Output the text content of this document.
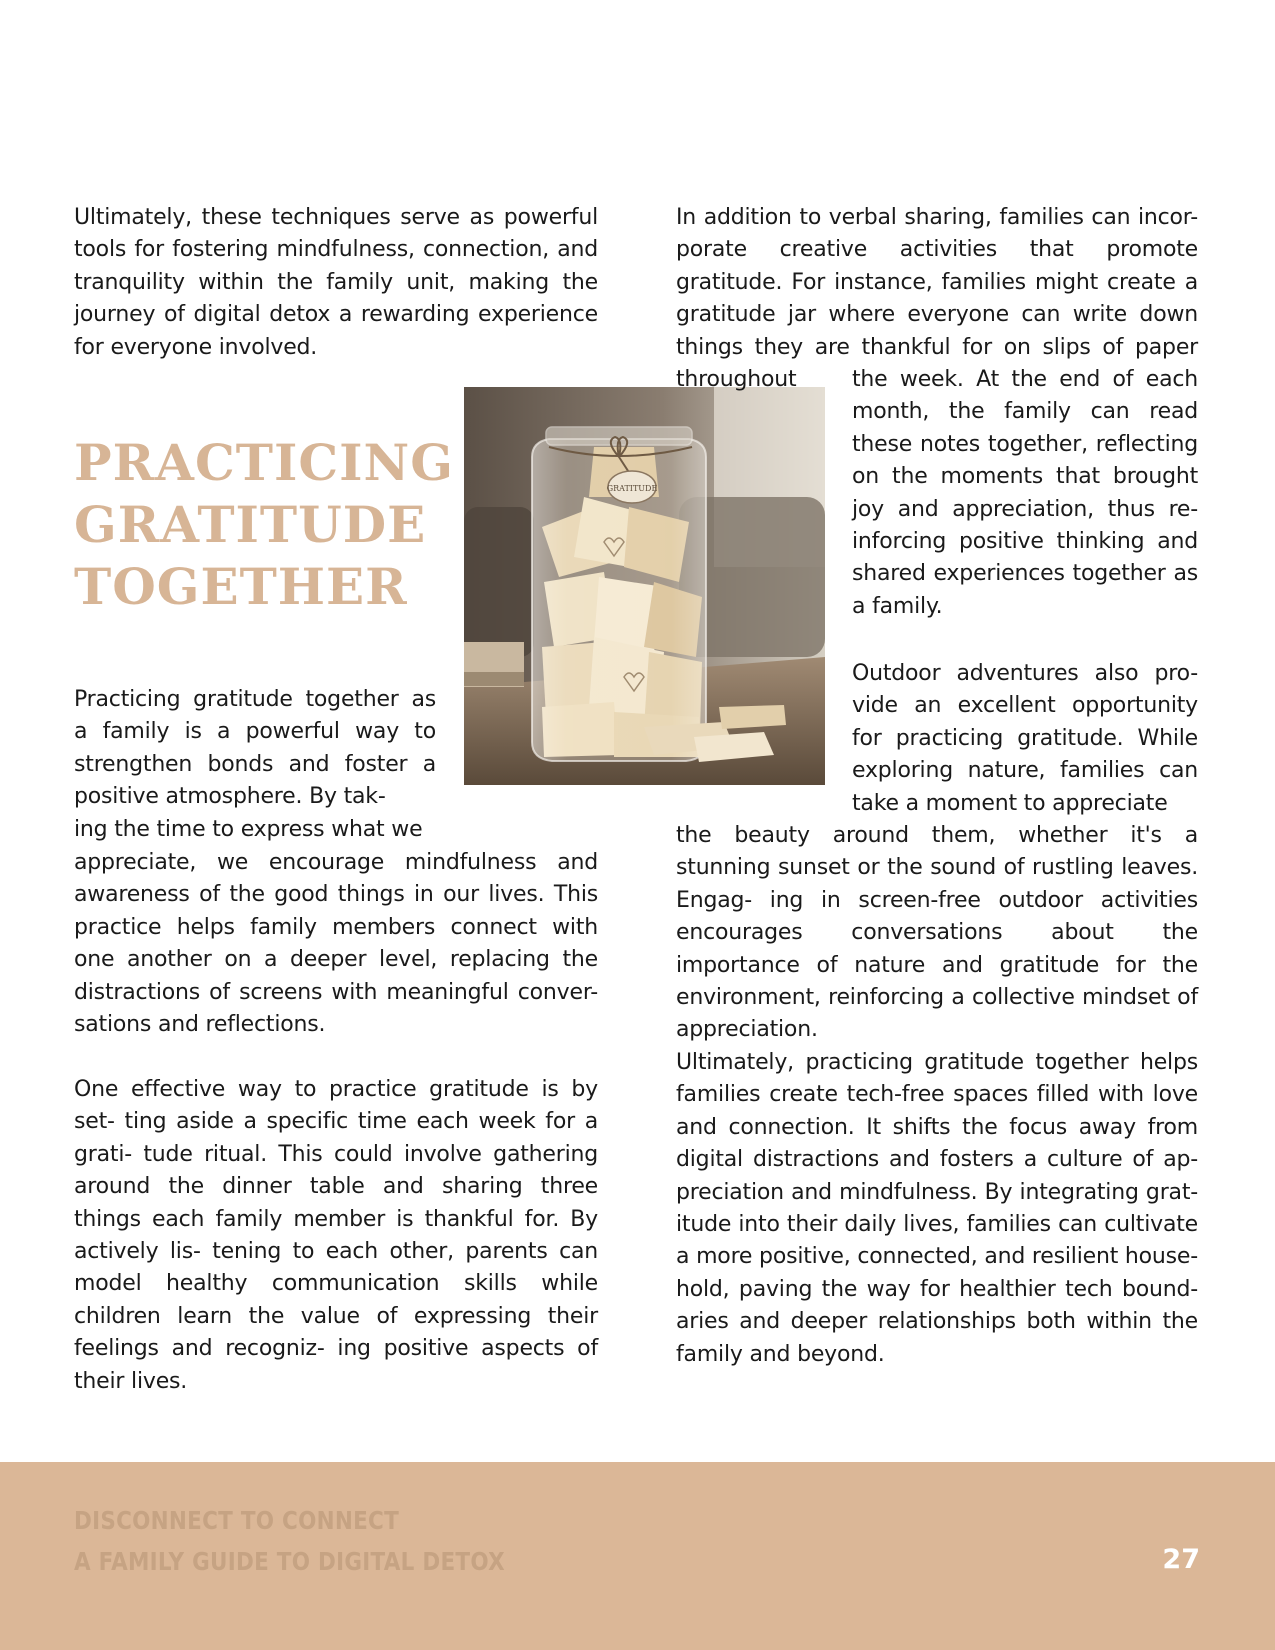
Ultimately, these techniques serve as powerful tools for fostering mindfulness, connection, and tranquility within the family unit, making the journey of digital detox a rewarding experience for everyone involved.

PRACTICING
GRATITUDE
TOGETHER

Practicing gratitude together as a family is a powerful way to strengthen bonds and foster a positive atmosphere. By tak-

ing the time to express what we

appreciate, we encourage mindfulness and awareness of the good things in our lives. This practice helps family members connect with one another on a deeper level, replacing the distractions of screens with meaningful conver- sations and reflections.

One effective way to practice gratitude is by set- ting aside a specific time each week for a grati- tude ritual. This could involve gathering around the dinner table and sharing three things each family member is thankful for. By actively lis- tening to each other, parents can model healthy communication skills while children learn the value of expressing their feelings and recogniz- ing positive aspects of their lives.

GRATITUDE

In addition to verbal sharing, families can incor- porate creative activities that promote gratitude. For instance, families might create a gratitude jar where everyone can write down things they are thankful for on slips of paper throughout	the week. At the end of each month, the family can read these notes together, reflecting on the moments that brought joy and appreciation, thus re- inforcing positive thinking and shared experiences together as a family.

Outdoor adventures also pro- vide an excellent opportunity for practicing gratitude. While exploring nature, families can take a moment to appreciate

the beauty around them, whether it's a stunning sunset or the sound of rustling leaves. Engag- ing in screen-free outdoor activities encourages conversations about the importance of nature and gratitude for the environment, reinforcing a collective mindset of appreciation.

Ultimately, practicing gratitude together helps families create tech-free spaces filled with love and connection. It shifts the focus away from digital distractions and fosters a culture of ap- preciation and mindfulness. By integrating grat- itude into their daily lives, families can cultivate a more positive, connected, and resilient house- hold, paving the way for healthier tech bound- aries and deeper relationships both within the family and beyond.

DISCONNECT TO CONNECT

A FAMILY GUIDE TO DIGITAL DETOX	27
